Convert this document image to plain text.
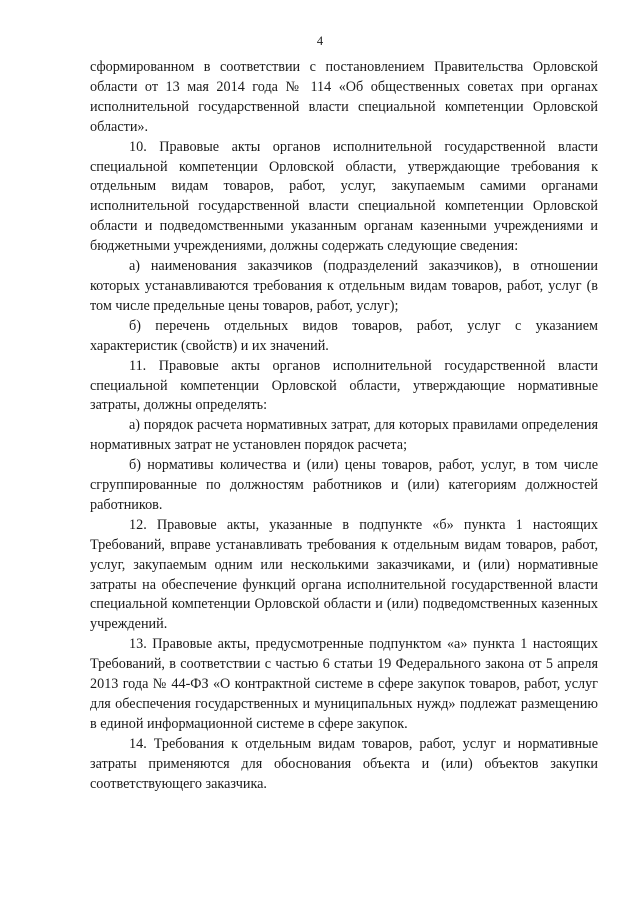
4

сформированном в соответствии с постановлением Правительства Орловской области от 13 мая 2014 года № 114 «Об общественных советах при органах исполнительной государственной власти специальной компетенции Орловской области».

10. Правовые акты органов исполнительной государственной власти специальной компетенции Орловской области, утверждающие требования к отдельным видам товаров, работ, услуг, закупаемым самими органами исполнительной государственной власти специальной компетенции Орловской области и подведомственными указанным органам казенными учреждениями и бюджетными учреждениями, должны содержать следующие сведения:

а) наименования заказчиков (подразделений заказчиков), в отношении которых устанавливаются требования к отдельным видам товаров, работ, услуг (в том числе предельные цены товаров, работ, услуг);

б) перечень отдельных видов товаров, работ, услуг с указанием характеристик (свойств) и их значений.

11. Правовые акты органов исполнительной государственной власти специальной компетенции Орловской области, утверждающие нормативные затраты, должны определять:

а) порядок расчета нормативных затрат, для которых правилами определения нормативных затрат не установлен порядок расчета;

б) нормативы количества и (или) цены товаров, работ, услуг, в том числе сгруппированные по должностям работников и (или) категориям должностей работников.

12. Правовые акты, указанные в подпункте «б» пункта 1 настоящих Требований, вправе устанавливать требования к отдельным видам товаров, работ, услуг, закупаемым одним или несколькими заказчиками, и (или) нормативные затраты на обеспечение функций органа исполнительной государственной власти специальной компетенции Орловской области и (или) подведомственных казенных учреждений.

13. Правовые акты, предусмотренные подпунктом «а» пункта 1 настоящих Требований, в соответствии с частью 6 статьи 19 Федерального закона от 5 апреля 2013 года № 44-ФЗ «О контрактной системе в сфере закупок товаров, работ, услуг для обеспечения государственных и муниципальных нужд» подлежат размещению в единой информационной системе в сфере закупок.

14. Требования к отдельным видам товаров, работ, услуг и нормативные затраты применяются для обоснования объекта и (или) объектов закупки соответствующего заказчика.
